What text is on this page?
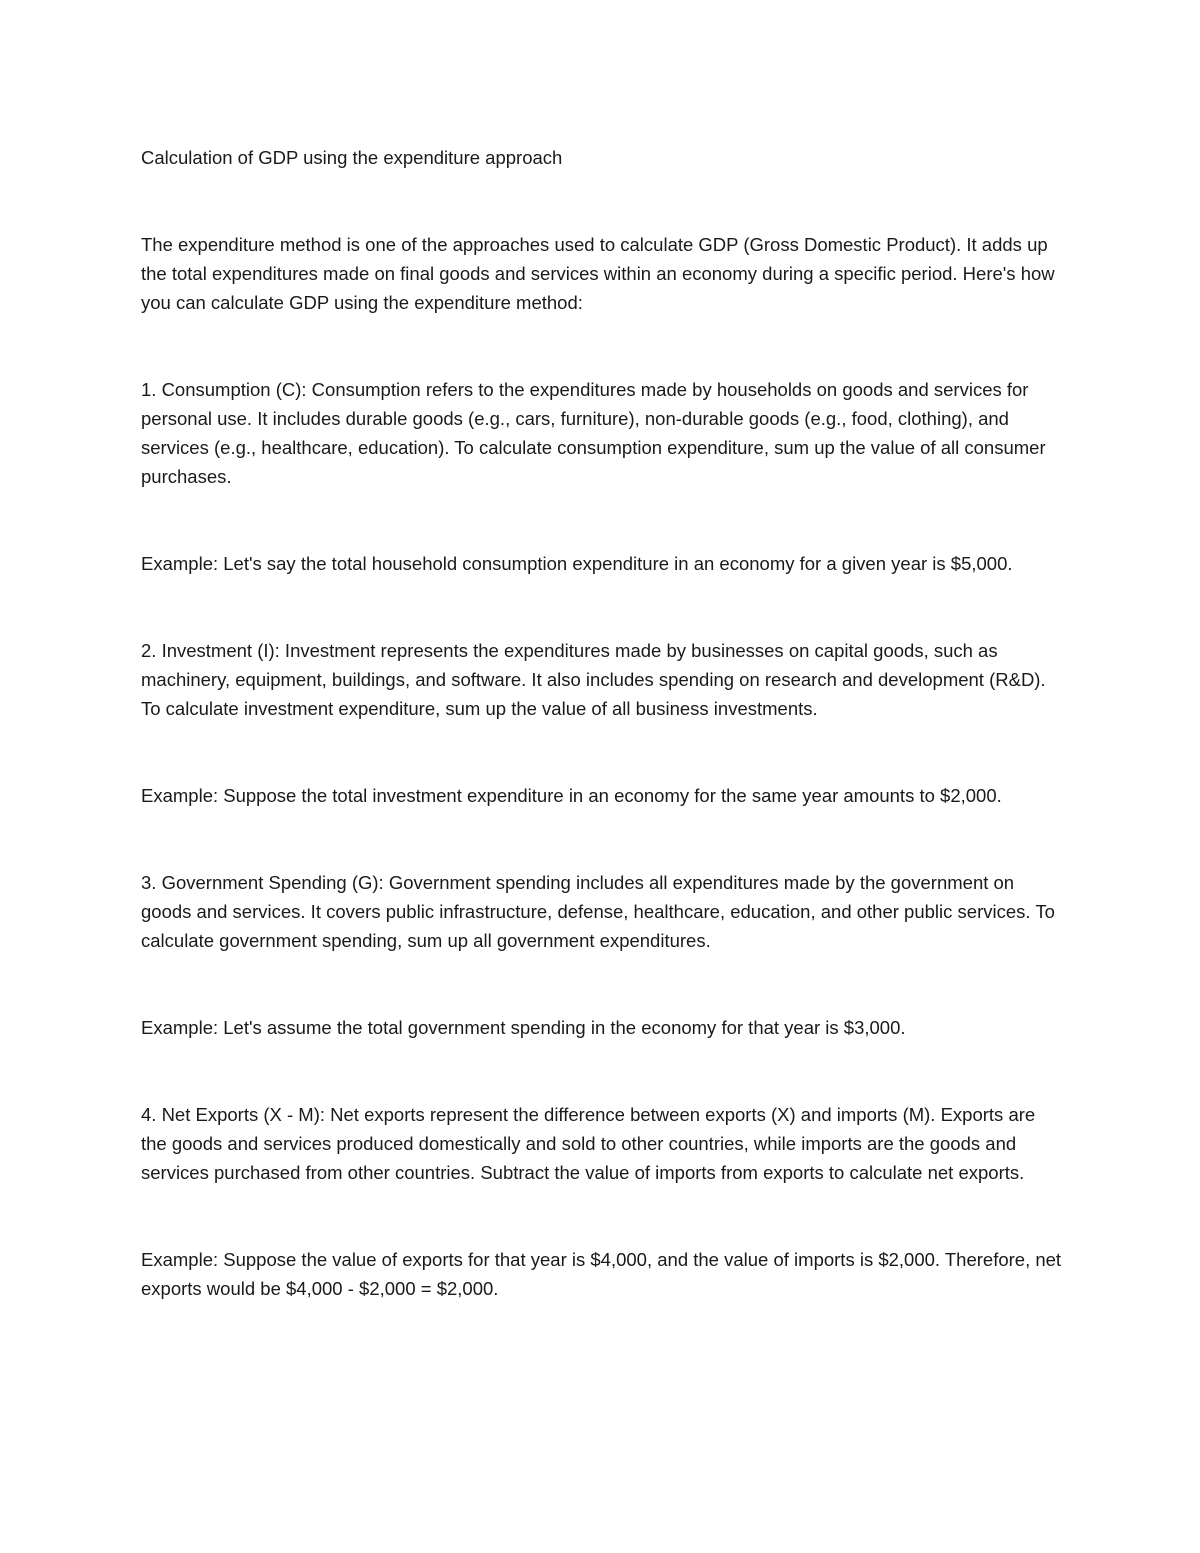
Calculation of GDP using the expenditure approach

The expenditure method is one of the approaches used to calculate GDP (Gross Domestic Product). It adds up the total expenditures made on final goods and services within an economy during a specific period. Here's how you can calculate GDP using the expenditure method:

1. Consumption (C): Consumption refers to the expenditures made by households on goods and services for personal use. It includes durable goods (e.g., cars, furniture), non-durable goods (e.g., food, clothing), and services (e.g., healthcare, education). To calculate consumption expenditure, sum up the value of all consumer purchases.

Example: Let's say the total household consumption expenditure in an economy for a given year is $5,000.

2. Investment (I): Investment represents the expenditures made by businesses on capital goods, such as machinery, equipment, buildings, and software. It also includes spending on research and development (R&D). To calculate investment expenditure, sum up the value of all business investments.

Example: Suppose the total investment expenditure in an economy for the same year amounts to $2,000.

3. Government Spending (G): Government spending includes all expenditures made by the government on goods and services. It covers public infrastructure, defense, healthcare, education, and other public services. To calculate government spending, sum up all government expenditures.

Example: Let's assume the total government spending in the economy for that year is $3,000.

4. Net Exports (X - M): Net exports represent the difference between exports (X) and imports (M). Exports are the goods and services produced domestically and sold to other countries, while imports are the goods and services purchased from other countries. Subtract the value of imports from exports to calculate net exports.

Example: Suppose the value of exports for that year is $4,000, and the value of imports is $2,000. Therefore, net exports would be $4,000 - $2,000 = $2,000.
